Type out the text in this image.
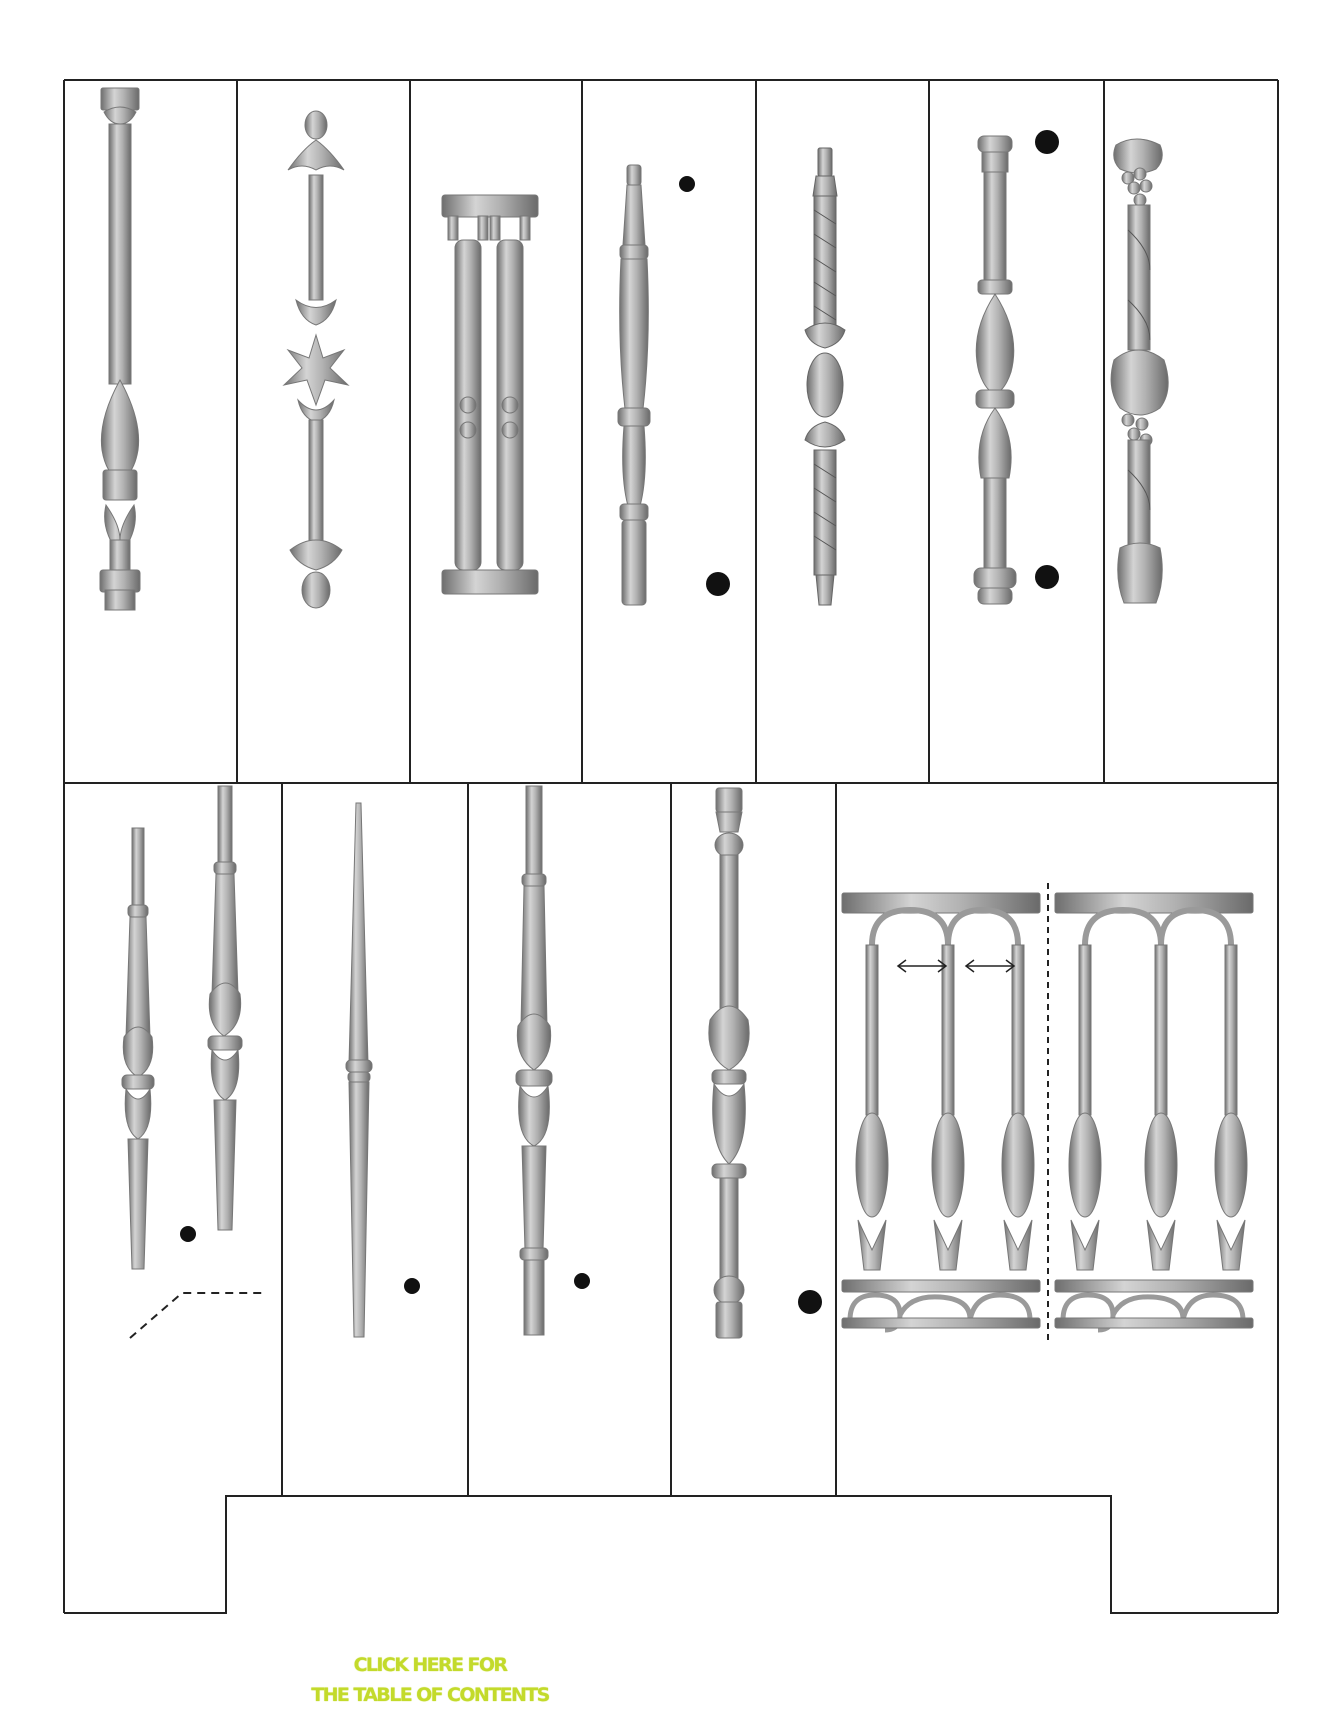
CLICK HERE FOR
THE TABLE OF CONTENTS
